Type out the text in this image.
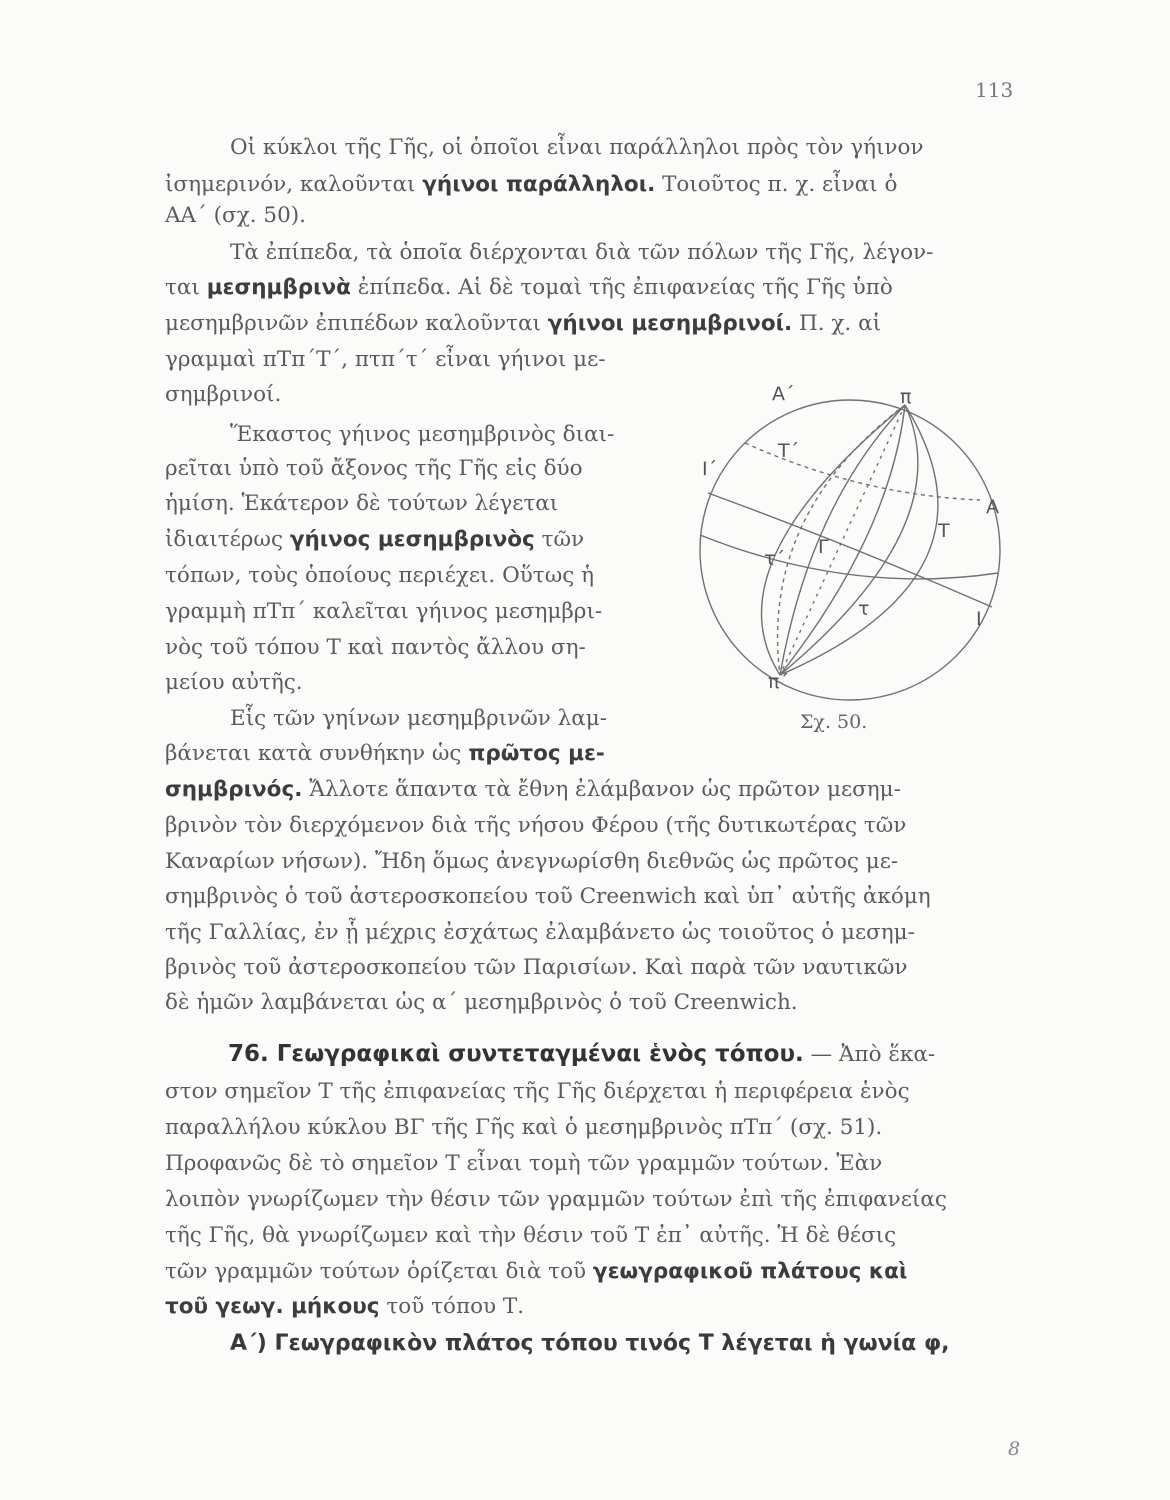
113
Οἱ κύκλοι τῆς Γῆς, οἱ ὁποῖοι εἶναι παράλληλοι πρὸς τὸν γήινον
ἰσημερινόν, καλοῦνται γήινοι παράλληλοι. Τοιοῦτος π. χ. εἶναι ὁ
ΑΑ΄ (σχ. 50).
Τὰ ἐπίπεδα, τὰ ὁποῖα διέρχονται διὰ τῶν πόλων τῆς Γῆς, λέγον-
ται μεσημβρινὰ ἐπίπεδα. Αἱ δὲ τομαὶ τῆς ἐπιφανείας τῆς Γῆς ὑπὸ
μεσημβρινῶν ἐπιπέδων καλοῦνται γήινοι μεσημβρινοί. Π. χ. αἱ
γραμμαὶ πΤπ΄Τ΄, πτπ΄τ΄ εἶναι γήινοι με-
σημβρινοί.
Ἕκαστος γήινος μεσημβρινὸς διαι-
ρεῖται ὑπὸ τοῦ ἄξονος τῆς Γῆς εἰς δύο
ἡμίση. Ἑκάτερον δὲ τούτων λέγεται
ἰδιαιτέρως γήινος μεσημβρινὸς τῶν
τόπων, τοὺς ὁποίους περιέχει. Οὕτως ἡ
γραμμὴ πΤπ΄ καλεῖται γήινος μεσημβρι-
νὸς τοῦ τόπου Τ καὶ παντὸς ἄλλου ση-
μείου αὐτῆς.
Εἷς τῶν γηίνων μεσημβρινῶν λαμ-
βάνεται κατὰ συνθήκην ὡς πρῶτος με-
σημβρινός. Ἄλλοτε ἅπαντα τὰ ἔθνη ἐλάμβανον ὡς πρῶτον μεσημ-
βρινὸν τὸν διερχόμενον διὰ τῆς νήσου Φέρου (τῆς δυτικωτέρας τῶν
Καναρίων νήσων). Ἤδη ὅμως ἀνεγνωρίσθη διεθνῶς ὡς πρῶτος με-
σημβρινὸς ὁ τοῦ ἀστεροσκοπείου τοῦ Creenwich καὶ ὑπ᾽ αὐτῆς ἀκόμη
τῆς Γαλλίας, ἐν ᾗ μέχρις ἐσχάτως ἐλαμβάνετο ὡς τοιοῦτος ὁ μεσημ-
βρινὸς τοῦ ἀστεροσκοπείου τῶν Παρισίων. Καὶ παρὰ τῶν ναυτικῶν
δὲ ἡμῶν λαμβάνεται ὡς α΄ μεσημβρινὸς ὁ τοῦ Creenwich.
76. Γεωγραφικαὶ συντεταγμέναι ἑνὸς τόπου. — Ἀπὸ ἕκα-
στον σημεῖον Τ τῆς ἐπιφανείας τῆς Γῆς διέρχεται ἡ περιφέρεια ἑνὸς
παραλλήλου κύκλου ΒΓ τῆς Γῆς καὶ ὁ μεσημβρινὸς πΤπ΄ (σχ. 51).
Προφανῶς δὲ τὸ σημεῖον Τ εἶναι τομὴ τῶν γραμμῶν τούτων. Ἐὰν
λοιπὸν γνωρίζωμεν τὴν θέσιν τῶν γραμμῶν τούτων ἐπὶ τῆς ἐπιφανείας
τῆς Γῆς, θὰ γνωρίζωμεν καὶ τὴν θέσιν τοῦ Τ ἐπ᾽ αὐτῆς. Ἡ δὲ θέσις
τῶν γραμμῶν τούτων ὁρίζεται διὰ τοῦ γεωγραφικοῦ πλάτους καὶ
τοῦ γεωγ. μήκους τοῦ τόπου Τ.
Α΄) Γεωγραφικὸν πλάτος τόπου τινός Τ λέγεται ἡ γωνία φ,
Α΄	π
Ι΄
Τ΄
Α
Τ
τ΄
Γ
τ	Ι
π΄
Σχ. 50.
8
